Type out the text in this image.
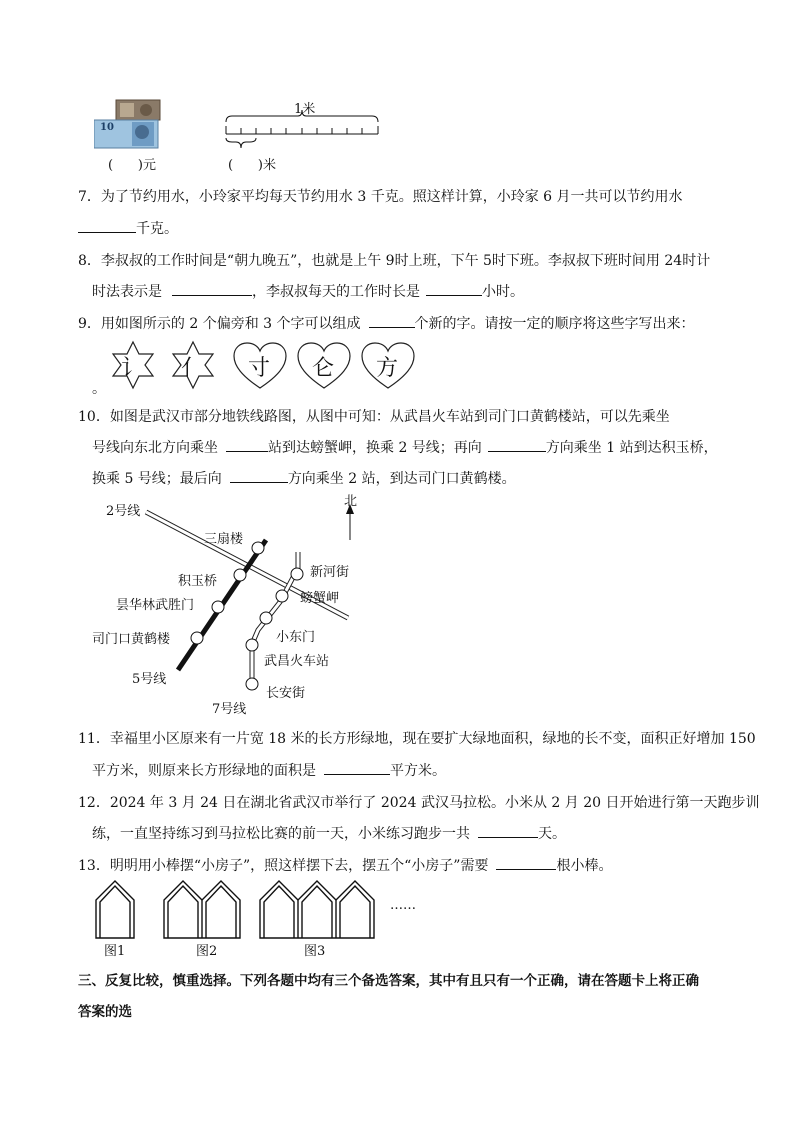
10
(      )元
1米
(      )米
7．为了节约用水，小玲家平均每天节约用水 3 千克。照这样计算，小玲家 6 月一共可以节约用水
千克。
8．李叔叔的工作时间是“朝九晚五”，也就是上午 9时上班，下午 5时下班。李叔叔下班时间用 24时计
时法表示是	，李叔叔每天的工作时长是	小时。
9．用如图所示的 2 个偏旁和 3 个字可以组成	个新的字。请按一定的顺序将这些字写出来：
讠 亻 寸 仑 方
。
10．如图是武汉市部分地铁线路图，从图中可知：从武昌火车站到司门口黄鹤楼站，可以先乘坐
号线向东北方向乘坐	站到达螃蟹岬，换乘 2 号线；再向	方向乘坐 1 站到达积玉桥，
换乘 5 号线；最后向	方向乘坐 2 站，到达司门口黄鹤楼。
北
2号线
5号线
7号线
三扇楼
积玉桥
昙华林武胜门
司门口黄鹤楼
新河街
螃蟹岬
小东门
武昌火车站
长安街
11．幸福里小区原来有一片宽 18 米的长方形绿地，现在要扩大绿地面积，绿地的长不变，面积正好增加 150
平方米，则原来长方形绿地的面积是	平方米。
12．2024 年 3 月 24 日在湖北省武汉市举行了 2024 武汉马拉松。小米从 2 月 20 日开始进行第一天跑步训
练，一直坚持练习到马拉松比赛的前一天，小米练习跑步一共	天。
13．明明用小棒摆“小房子”，照这样摆下去，摆五个“小房子”需要	根小棒。
图1	图2	图3
……
三、反复比较，慎重选择。下列各题中均有三个备选答案，其中有且只有一个正确，请在答题卡上将正确
答案的选
